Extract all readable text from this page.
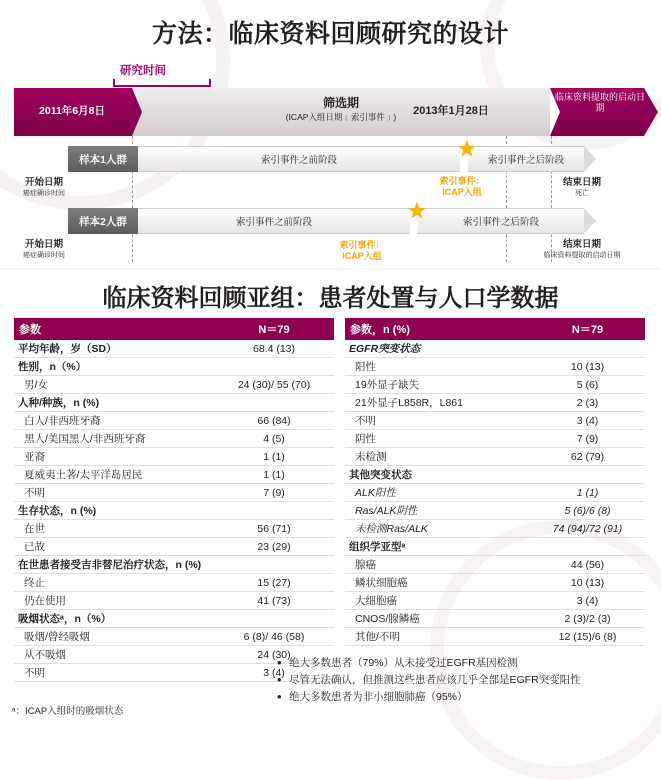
方法：临床资料回顾研究的设计
研究时间
2011年6月8日
筛选期
(ICAP入组日期﹝索引事件﹞)	2013年1月28日
临床资料提取的启动日期
样本1人群	索引事件之前阶段	索引事件之后阶段
★
开始日期
癌症确诊时间
索引事件：
ICAP入组
结束日期
死亡
样本2人群	索引事件之前阶段	索引事件之后阶段
★
开始日期
癌症确诊时间
索引事件：
ICAP入组
结束日期
临床资料提取的启动日期
临床资料回顾亚组：患者处置与人口学数据
参数	N＝79
平均年龄，岁（SD）	68.4 (13)
性别，n（%）	
男/女	24 (30)/ 55 (70)
人种/种族，n (%)	
白人/非西班牙裔	66 (84)
黑人/美国黑人/非西班牙裔	4 (5)
亚裔	1 (1)
夏威夷土著/太平洋岛居民	1 (1)
不明	7 (9)
生存状态，n (%)	
在世	56 (71)
已故	23 (29)
在世患者接受吉非替尼治疗状态，n (%)	
终止	15 (27)
仍在使用	41 (73)
吸烟状态ᵃ，n（%）	
吸烟/曾经吸烟	6 (8)/ 46 (58)
从不吸烟	24 (30)
不明	3 (4)
参数，n (%)	N＝79
EGFR突变状态	
阳性	10 (13)
19外显子缺失	5 (6)
21外显子L858R，L861	2 (3)
不明	3 (4)
阴性	7 (9)
未检测	62 (79)
其他突变状态	
ALK阳性	1 (1)
Ras/ALK阴性	5 (6)/6 (8)
未检测Ras/ALK	74 (94)/72 (91)
组织学亚型ᵃ	
腺癌	44 (56)
鳞状细胞癌	10 (13)
大细胞癌	3 (4)
CNOS/腺鳞癌	2 (3)/2 (3)
其他/不明	12 (15)/6 (8)
• 绝大多数患者（79%）从未接受过EGFR基因检测
• 尽管无法确认，但推测这些患者应该几乎全部是EGFR突变阳性
• 绝大多数患者为非小细胞肺癌（95%）
ᵃ：ICAP入组时的吸烟状态
